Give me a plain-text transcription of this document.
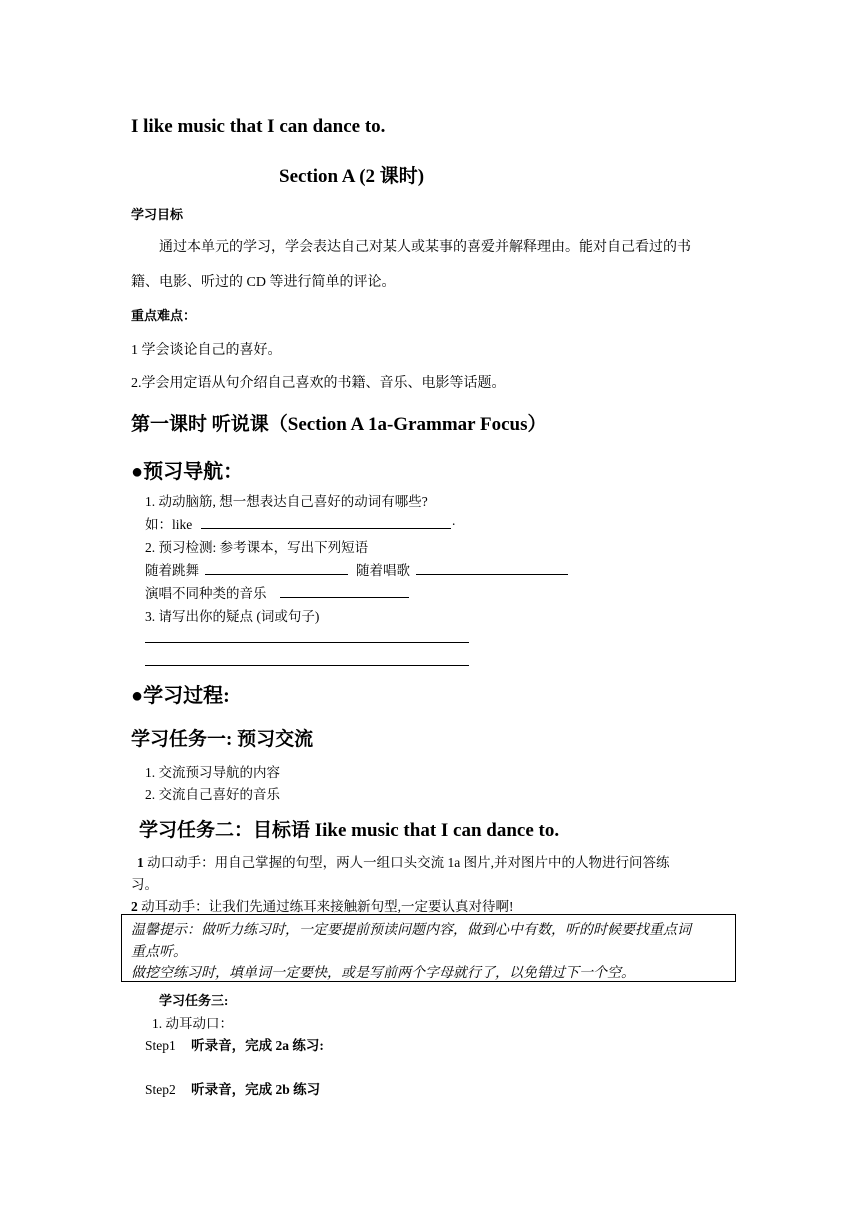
I like music that I can dance to.
Section A (2 课时)
学习目标
通过本单元的学习，学会表达自己对某人或某事的喜爱并解释理由。能对自己看过的书
籍、电影、听过的 CD 等进行简单的评论。
重点难点：
1 学会谈论自己的喜好。
2.学会用定语从句介绍自己喜欢的书籍、音乐、电影等话题。
第一课时 听说课（Section A 1a-Grammar Focus）
●预习导航：
1. 动动脑筋, 想一想表达自己喜好的动词有哪些?
如：like	.
2. 预习检测: 参考课本，写出下列短语
随着跳舞	随着唱歌
演唱不同种类的音乐
3. 请写出你的疑点 (词或句子)
●学习过程:
学习任务一: 预习交流
1. 交流预习导航的内容
2. 交流自己喜好的音乐
学习任务二：目标语 Iike music that I can dance to.
1 动口动手：用自己掌握的句型，两人一组口头交流 1a 图片,并对图片中的人物进行问答练
习。
2 动耳动手：让我们先通过练耳来接触新句型,一定要认真对待啊!
温馨提示：做听力练习时，一定要提前预读问题内容，做到心中有数，听的时候要找重点词
重点听。
做挖空练习时，填单词一定要快，或是写前两个字母就行了，以免错过下一个空。
学习任务三:
1. 动耳动口：
Step1 听录音，完成 2a 练习:
Step2 听录音，完成 2b 练习
